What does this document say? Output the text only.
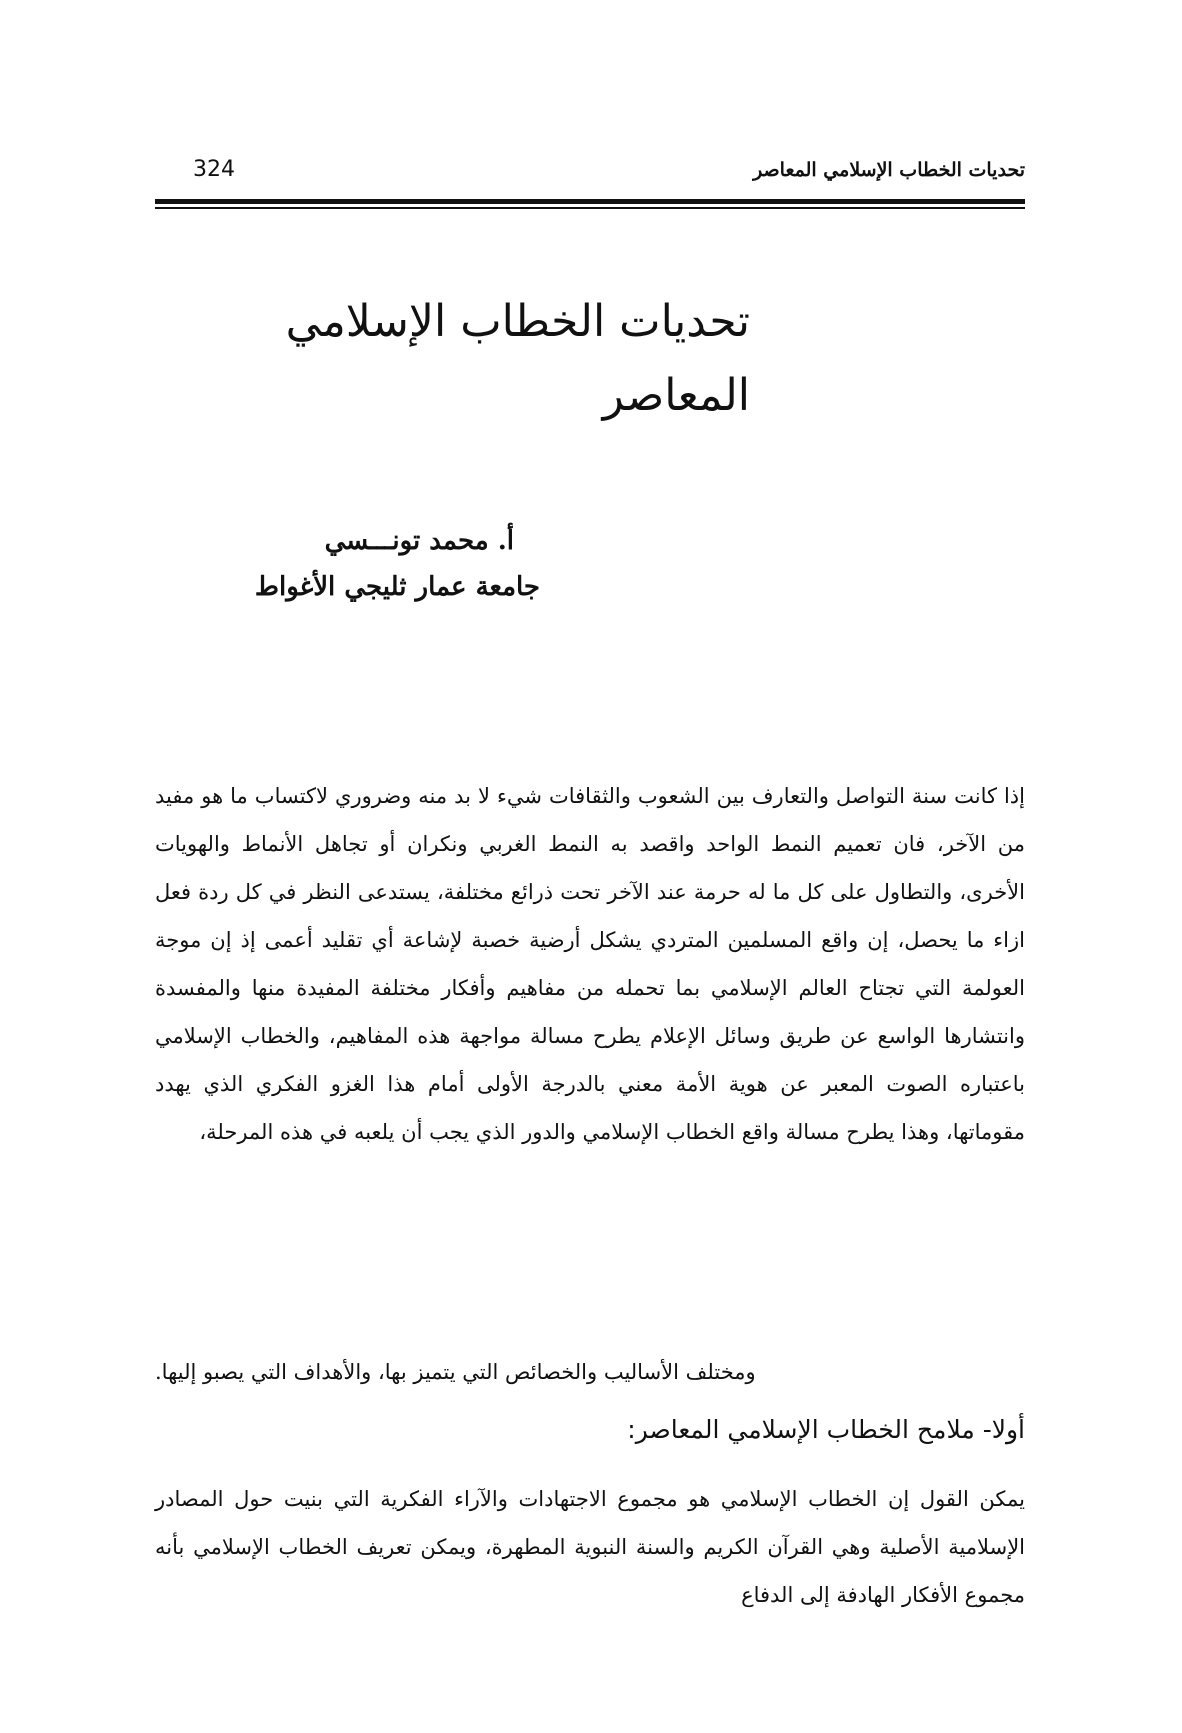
تحديات الخطاب الإسلامي المعاصر
324
تحديات الخطاب الإسلامي المعاصر
أ. محمد تونـــسي
جامعة عمار ثليجي الأغواط

إذا كانت سنة التواصل والتعارف بين الشعوب والثقافات شيء لا بد منه وضروري لاكتساب ما هو مفيد من الآخر، فان تعميم النمط الواحد واقصد به النمط الغربي ونكران أو تجاهل الأنماط والهويات الأخرى، والتطاول على كل ما له حرمة عند الآخر تحت ذرائع مختلفة، يستدعى النظر في كل ردة فعل ازاء ما يحصل، إن واقع المسلمين المتردي يشكل أرضية خصبة لإشاعة أي تقليد أعمى إذ إن موجة العولمة التي تجتاح العالم الإسلامي بما تحمله من مفاهيم وأفكار مختلفة المفيدة منها والمفسدة وانتشارها الواسع عن طريق وسائل الإعلام يطرح مسالة مواجهة هذه المفاهيم، والخطاب الإسلامي باعتباره الصوت المعبر عن هوية الأمة معني بالدرجة الأولى أمام هذا الغزو الفكري الذي يهدد مقوماتها، وهذا يطرح مسالة واقع الخطاب الإسلامي والدور الذي يجب أن يلعبه في هذه المرحلة،

ومختلف الأساليب والخصائص التي يتميز بها، والأهداف التي يصبو إليها.

أولا- ملامح الخطاب الإسلامي المعاصر:

يمكن القول إن الخطاب الإسلامي هو مجموع الاجتهادات والآراء الفكرية التي بنيت حول المصادر الإسلامية الأصلية وهي القرآن الكريم والسنة النبوية المطهرة، ويمكن تعريف الخطاب الإسلامي بأنه مجموع الأفكار الهادفة إلى الدفاع
